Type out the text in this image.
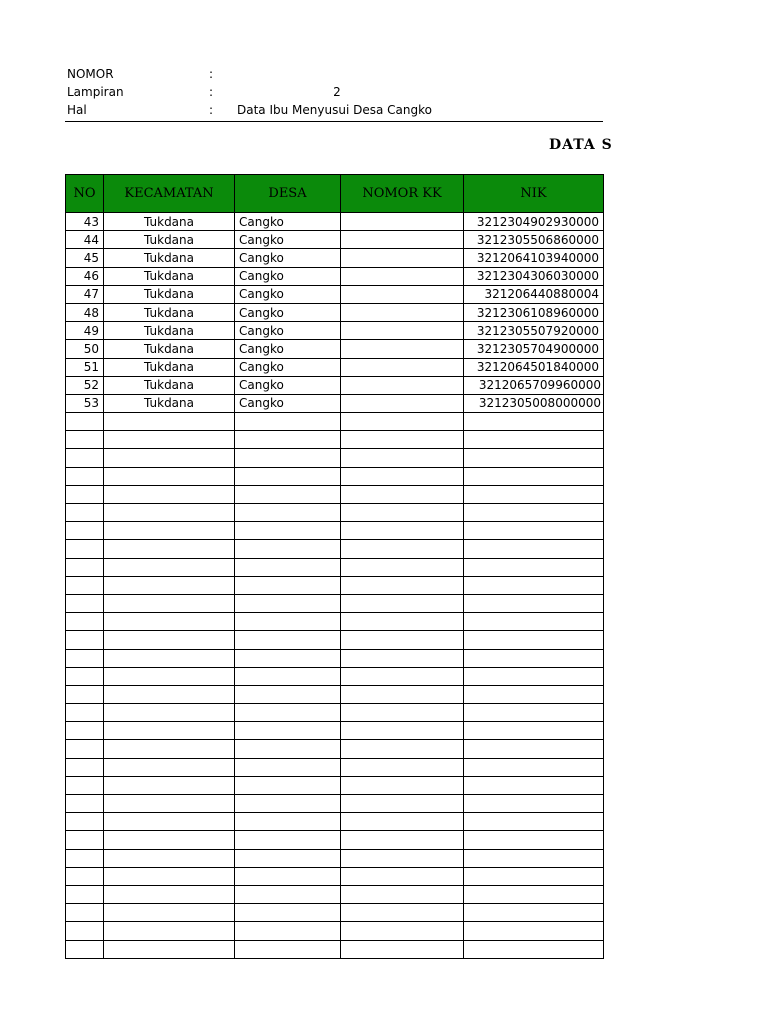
NOMOR	:
Lampiran	:	2
Hal	: Data Ibu Menyusui Desa Cangko
DATA S
NO	KECAMATAN	DESA	NOMOR KK	NIK
43	Tukdana	Cangko		3212304902930000
44	Tukdana	Cangko		3212305506860000
45	Tukdana	Cangko		3212064103940000
46	Tukdana	Cangko		3212304306030000
47	Tukdana	Cangko		321206440880004
48	Tukdana	Cangko		3212306108960000
49	Tukdana	Cangko		3212305507920000
50	Tukdana	Cangko		3212305704900000
51	Tukdana	Cangko		3212064501840000
52	Tukdana	Cangko		3212065709960000
53	Tukdana	Cangko		3212305008000000
